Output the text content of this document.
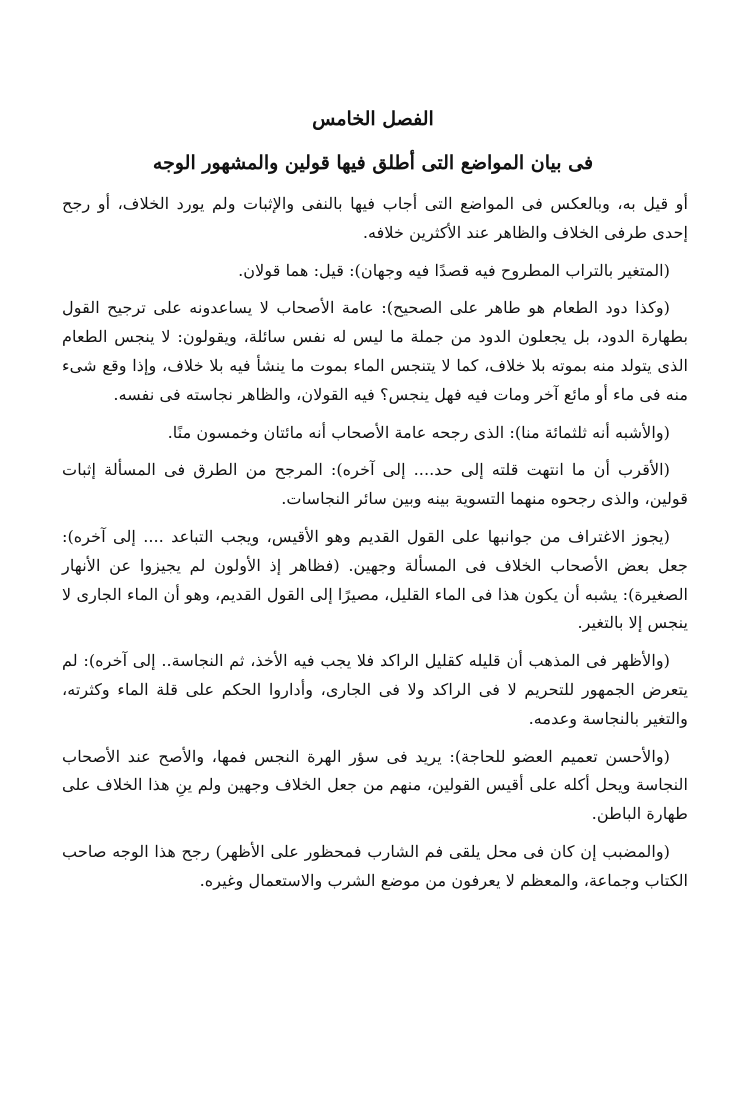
الفصل الخامس
فى بيان المواضع التى أطلق فيها قولين والمشهور الوجه

أو قيل به، وبالعكس فى المواضع التى أجاب فيها بالنفى والإثبات ولم يورد الخلاف، أو رجح إحدى طرفى الخلاف والظاهر عند الأكثرين خلافه.

(المتغير بالتراب المطروح فيه قصدًا فيه وجهان): قيل: هما قولان.

(وكذا دود الطعام هو طاهر على الصحيح): عامة الأصحاب لا يساعدونه على ترجيح القول بطهارة الدود، بل يجعلون الدود من جملة ما ليس له نفس سائلة، ويقولون: لا ينجس الطعام الذى يتولد منه بموته بلا خلاف، كما لا يتنجس الماء بموت ما ينشأ فيه بلا خلاف، وإذا وقع شىء منه فى ماء أو مائع آخر ومات فيه فهل ينجس؟ فيه القولان، والظاهر نجاسته فى نفسه.

(والأشبه أنه ثلثمائة منا): الذى رجحه عامة الأصحاب أنه مائتان وخمسون منًا.

(الأقرب أن ما انتهت قلته إلى حد.... إلى آخره): المرجح من الطرق فى المسألة إثبات قولين، والذى رجحوه منهما التسوية بينه وبين سائر النجاسات.

(يجوز الاغتراف من جوانبها على القول القديم وهو الأقيس، ويجب التباعد .... إلى آخره): جعل بعض الأصحاب الخلاف فى المسألة وجهين. (فظاهر إذ الأولون لم يجيزوا عن الأنهار الصغيرة): يشبه أن يكون هذا فى الماء القليل، مصيرًا إلى القول القديم، وهو أن الماء الجارى لا ينجس إلا بالتغير.

(والأظهر فى المذهب أن قليله كقليل الراكد فلا يجب فيه الأخذ، ثم النجاسة.. إلى آخره): لم يتعرض الجمهور للتحريم لا فى الراكد ولا فى الجارى، وأداروا الحكم على قلة الماء وكثرته، والتغير بالنجاسة وعدمه.

(والأحسن تعميم العضو للحاجة): يريد فى سؤر الهرة النجس فمها، والأصح عند الأصحاب النجاسة ويحل أكله على أقيس القولين، منهم من جعل الخلاف وجهين ولم ينِ هذا الخلاف على طهارة الباطن.

(والمضبب إن كان فى محل يلقى فم الشارب فمحظور على الأظهر) رجح هذا الوجه صاحب الكتاب وجماعة، والمعظم لا يعرفون من موضع الشرب والاستعمال وغيره.
